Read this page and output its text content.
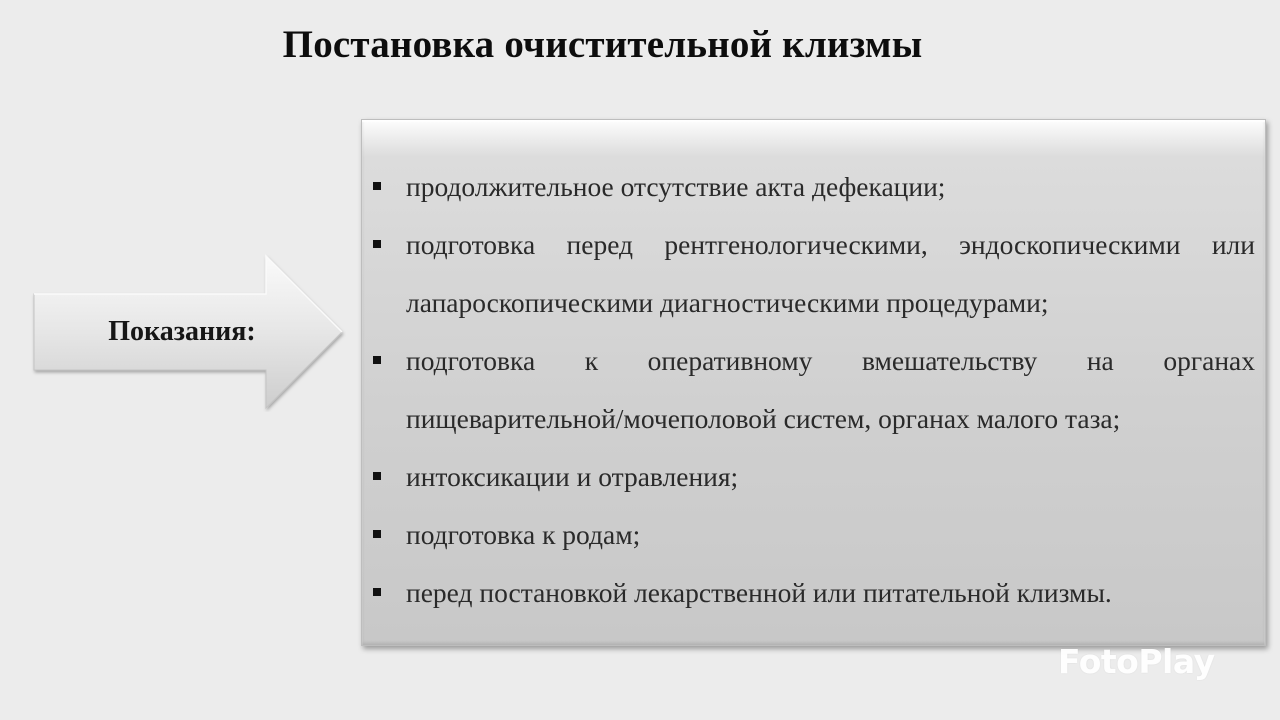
Постановка очистительной клизмы
Показания:
продолжительное отсутствие акта дефекации;
подготовка перед рентгенологическими, эндоскопическими или лапароскопическими диагностическими процедурами;
подготовка к оперативному вмешательству на органах пищеварительной/мочеполовой систем, органах малого таза;
интоксикации и отравления;
подготовка к родам;
перед постановкой лекарственной или питательной клизмы.
FotoPlay
